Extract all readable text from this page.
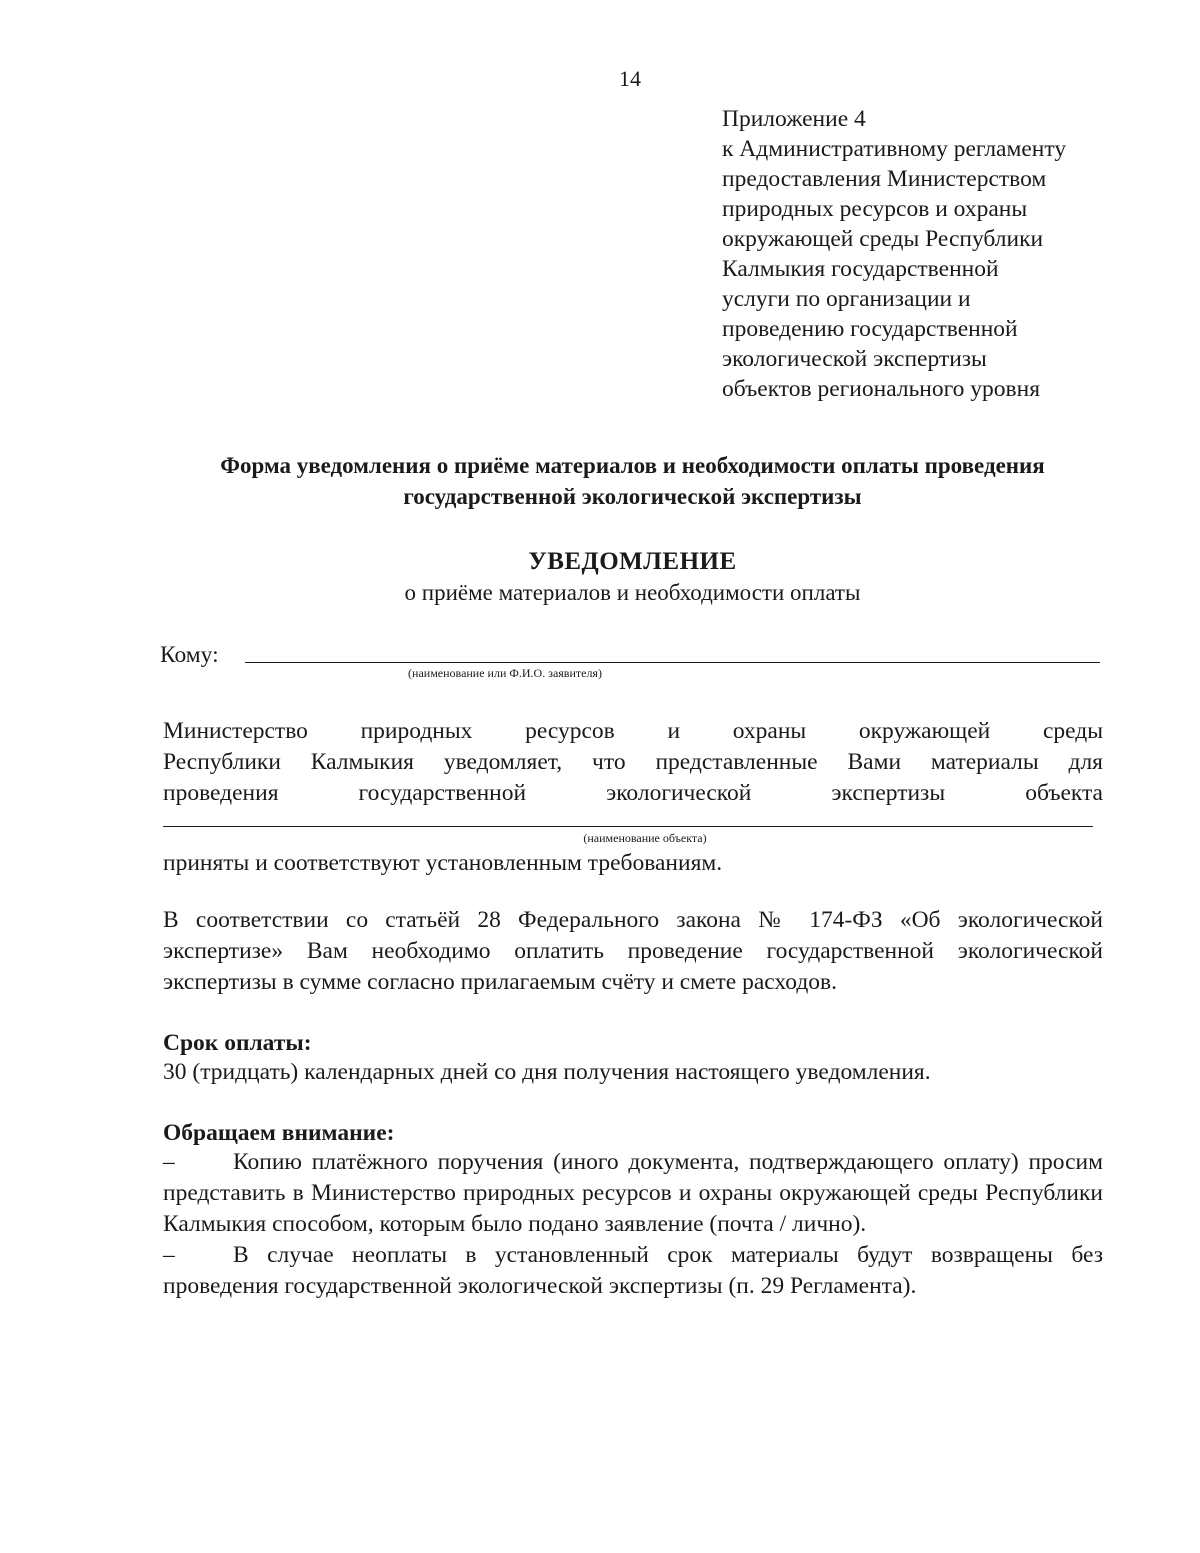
14
Приложение 4
к Административному регламенту
предоставления Министерством
природных ресурсов и охраны
окружающей среды Республики
Калмыкия государственной
услуги по организации и
проведению государственной
экологической экспертизы
объектов регионального уровня
Форма уведомления о приёме материалов и необходимости оплаты проведения
государственной экологической экспертизы
УВЕДОМЛЕНИЕ
о приёме материалов и необходимости оплаты
Кому:
(наименование или Ф.И.О. заявителя)
Министерство природных ресурсов и охраны окружающей среды
Республики Калмыкия уведомляет, что представленные Вами материалы для
проведения государственной экологической экспертизы объекта
(наименование объекта)
приняты и соответствуют установленным требованиям.
В соответствии со статьёй 28 Федерального закона № 174-ФЗ «Об экологической экспертизе» Вам необходимо оплатить проведение государственной экологической экспертизы в сумме согласно прилагаемым счёту и смете расходов.
Срок оплаты:
30 (тридцать) календарных дней со дня получения настоящего уведомления.
Обращаем внимание:
– Копию платёжного поручения (иного документа, подтверждающего оплату) просим представить в Министерство природных ресурсов и охраны окружающей среды Республики Калмыкия способом, которым было подано заявление (почта / лично).
– В случае неоплаты в установленный срок материалы будут возвращены без проведения государственной экологической экспертизы (п. 29 Регламента).
